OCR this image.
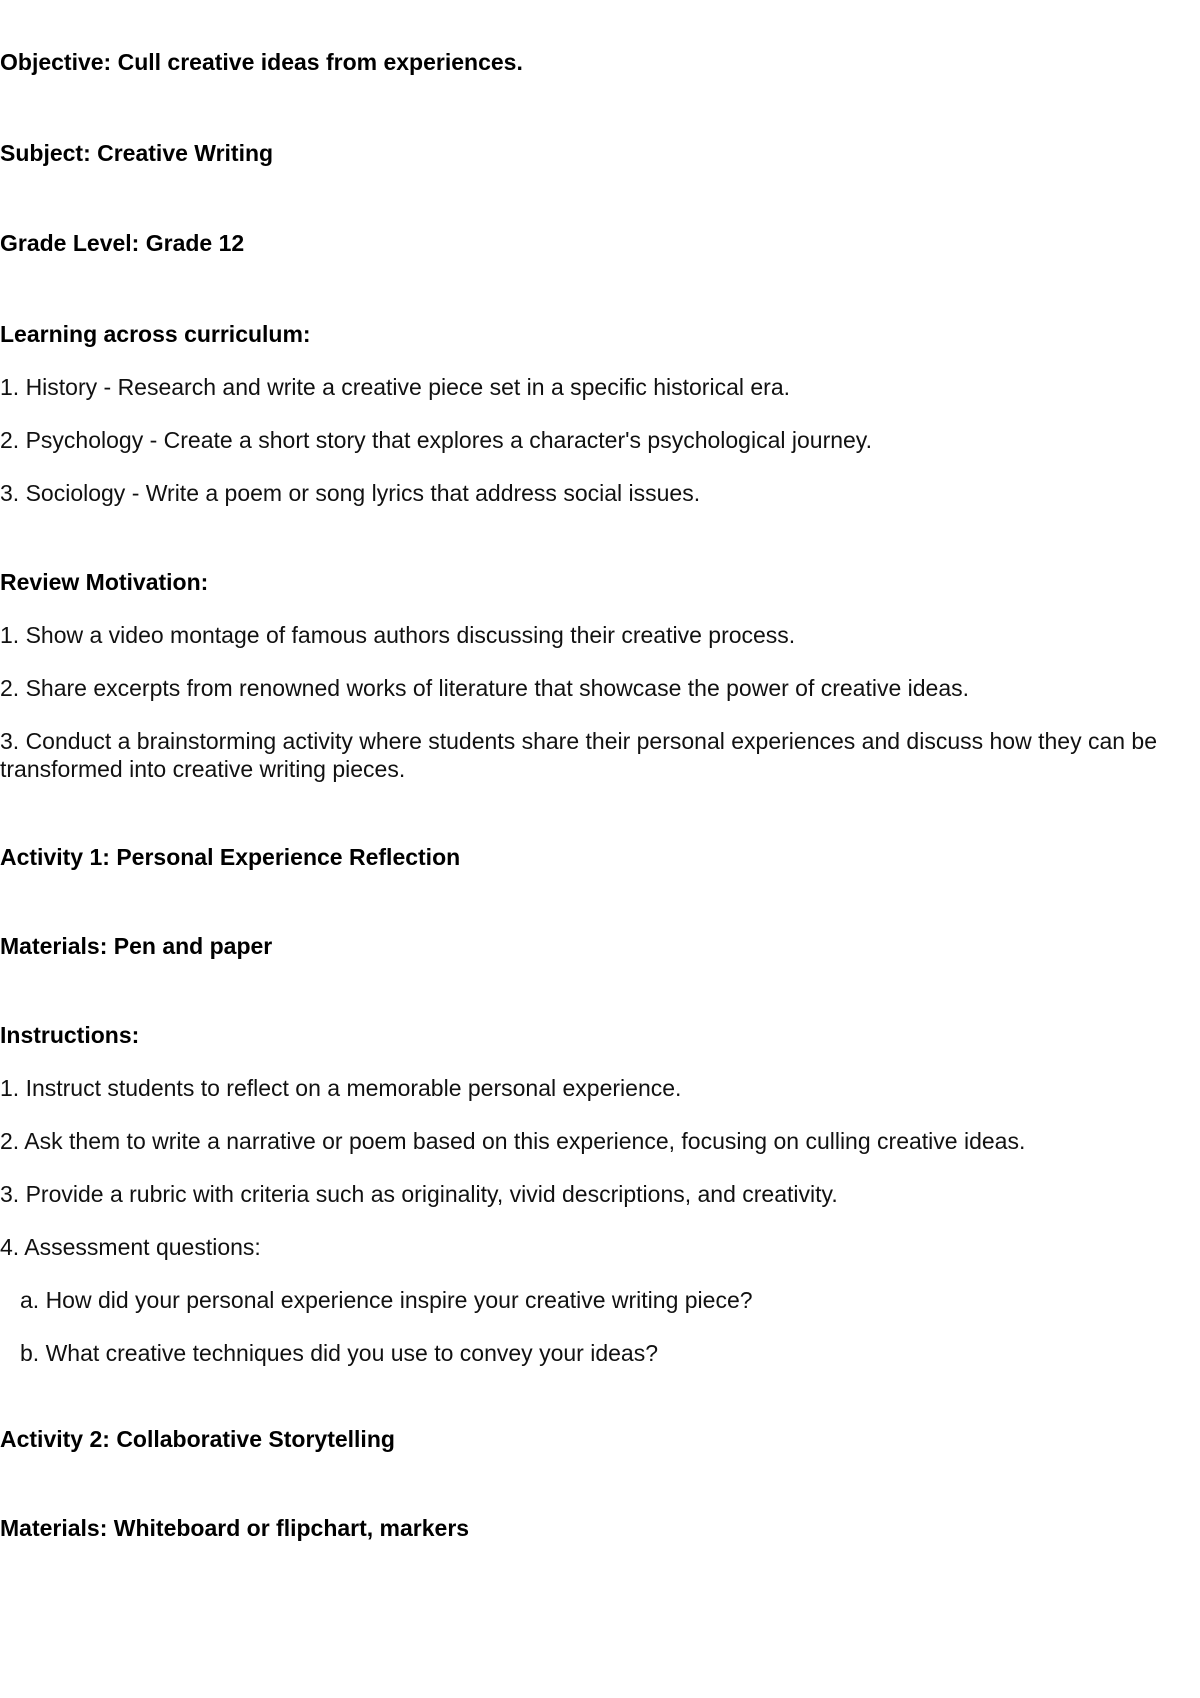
Objective: Cull creative ideas from experiences.

Subject: Creative Writing

Grade Level: Grade 12

Learning across curriculum:

1. History - Research and write a creative piece set in a specific historical era.

2. Psychology - Create a short story that explores a character's psychological journey.

3. Sociology - Write a poem or song lyrics that address social issues.

Review Motivation:

1. Show a video montage of famous authors discussing their creative process.

2. Share excerpts from renowned works of literature that showcase the power of creative ideas.

3. Conduct a brainstorming activity where students share their personal experiences and discuss how they can be transformed into creative writing pieces.

Activity 1: Personal Experience Reflection

Materials: Pen and paper

Instructions:

1. Instruct students to reflect on a memorable personal experience.

2. Ask them to write a narrative or poem based on this experience, focusing on culling creative ideas.

3. Provide a rubric with criteria such as originality, vivid descriptions, and creativity.

4. Assessment questions:

a. How did your personal experience inspire your creative writing piece?

b. What creative techniques did you use to convey your ideas?

Activity 2: Collaborative Storytelling

Materials: Whiteboard or flipchart, markers
